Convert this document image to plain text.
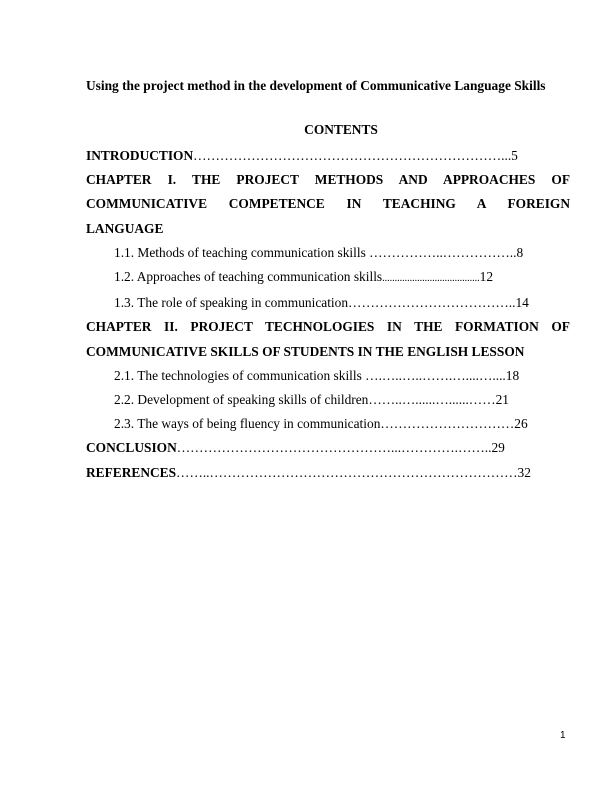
Using the project method in the development of Communicative Language Skills
CONTENTS
INTRODUCTION……………………………………………………………...5
CHAPTER I. THE PROJECT METHODS AND APPROACHES OF
COMMUNICATIVE COMPETENCE IN TEACHING A FOREIGN
LANGUAGE
1.1. Methods of teaching communication skills ……………..……………..8
1.2. Approaches of teaching communication skills.......................................12
1.3. The role of speaking in communication………………………………..14
CHAPTER II. PROJECT TECHNOLOGIES IN THE FORMATION OF
COMMUNICATIVE SKILLS OF STUDENTS IN THE ENGLISH LESSON
2.1. The technologies of communication skills ….…..…..…….…....…....18
2.2. Development of speaking skills of children……..…......…......……21
2.3. The ways of being fluency in communication…………………………26
CONCLUSION…………………………………………...………….……..29
REFERENCES……..……………………………………………………………32
1
